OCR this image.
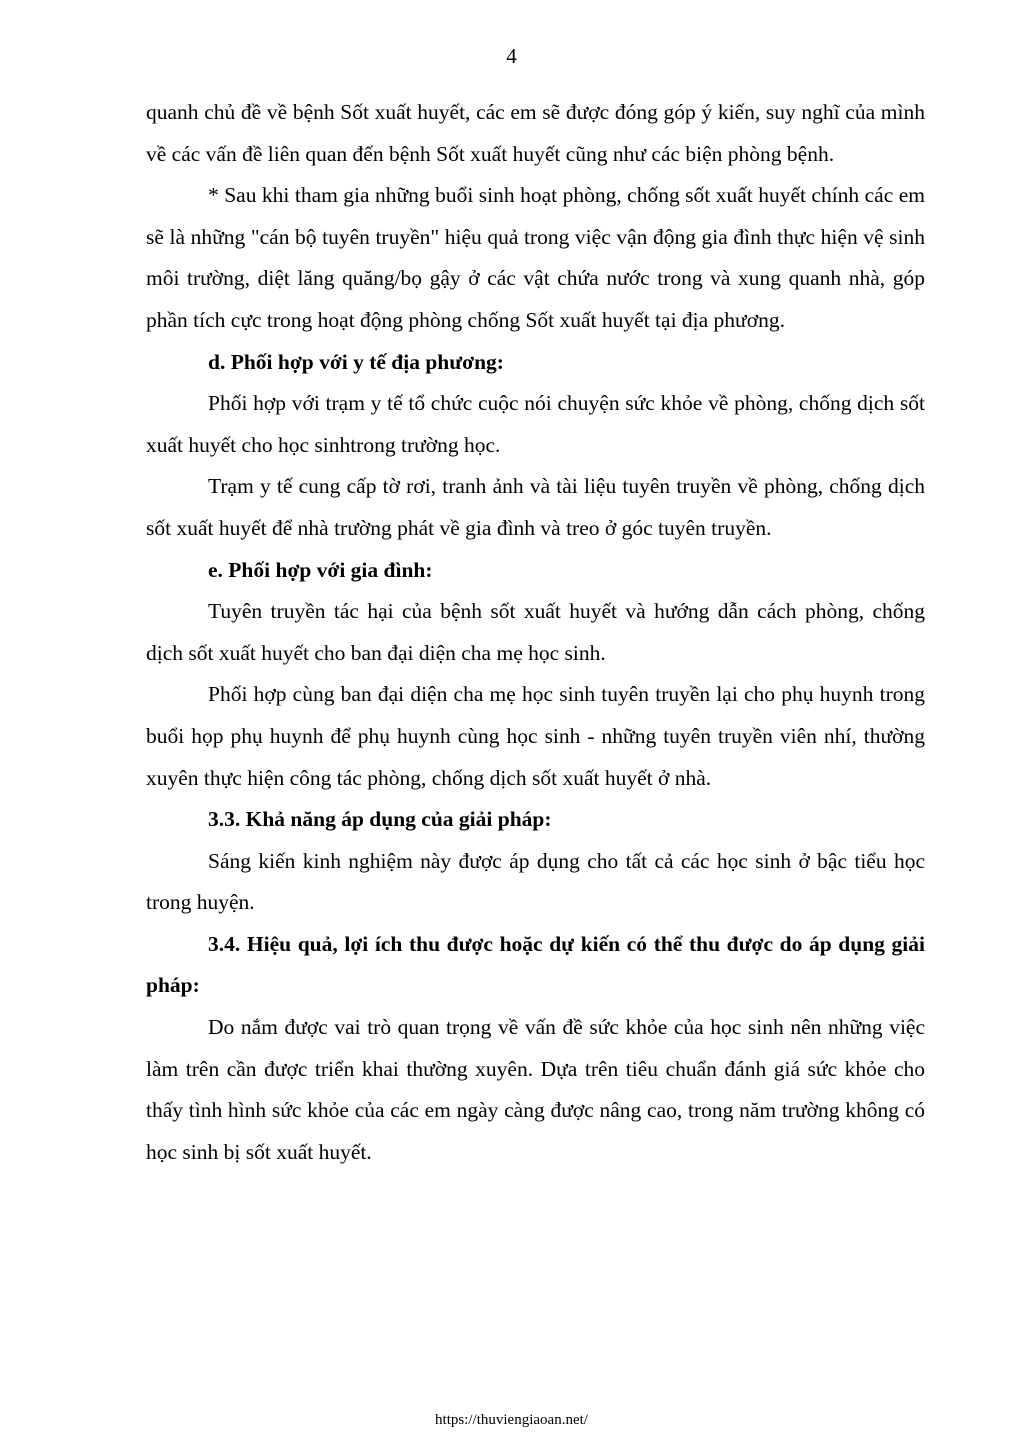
4

quanh chủ đề về bệnh Sốt xuất huyết, các em sẽ được đóng góp ý kiến, suy nghĩ của mình về các vấn đề liên quan đến bệnh Sốt xuất huyết cũng như các biện phòng bệnh.

* Sau khi tham gia những buổi sinh hoạt phòng, chống sốt xuất huyết chính các em sẽ là những "cán bộ tuyên truyền" hiệu quả trong việc vận động gia đình thực hiện vệ sinh môi trường, diệt lăng quăng/bọ gậy ở các vật chứa nước trong và xung quanh nhà, góp phần tích cực trong hoạt động phòng chống Sốt xuất huyết tại địa phương.

d. Phối hợp với y tế địa phương:

Phối hợp với trạm y tế tổ chức cuộc nói chuyện sức khỏe về phòng, chống dịch sốt xuất huyết cho học sinhtrong trường học.

Trạm y tế cung cấp tờ rơi, tranh ảnh và tài liệu tuyên truyền về phòng, chống dịch sốt xuất huyết để nhà trường phát về gia đình và treo ở góc tuyên truyền.

e. Phối hợp với gia đình:

Tuyên truyền tác hại của bệnh sốt xuất huyết và hướng dẫn cách phòng, chống dịch sốt xuất huyết cho ban đại diện cha mẹ học sinh.

Phối hợp cùng ban đại diện cha mẹ học sinh tuyên truyền lại cho phụ huynh trong buổi họp phụ huynh để phụ huynh cùng học sinh - những tuyên truyền viên nhí, thường xuyên thực hiện công tác phòng, chống dịch sốt xuất huyết ở nhà.

3.3. Khả năng áp dụng của giải pháp:

Sáng kiến kinh nghiệm này được áp dụng cho tất cả các học sinh ở bậc tiểu học trong huyện.

3.4. Hiệu quả, lợi ích thu được hoặc dự kiến có thể thu được do áp dụng giải pháp:

Do nắm được vai trò quan trọng về vấn đề sức khỏe của học sinh nên những việc làm trên cần được triển khai thường xuyên. Dựa trên tiêu chuẩn đánh giá sức khỏe cho thấy tình hình sức khỏe của các em ngày càng được nâng cao, trong năm trường không có học sinh bị sốt xuất huyết.

https://thuviengiaoan.net/
